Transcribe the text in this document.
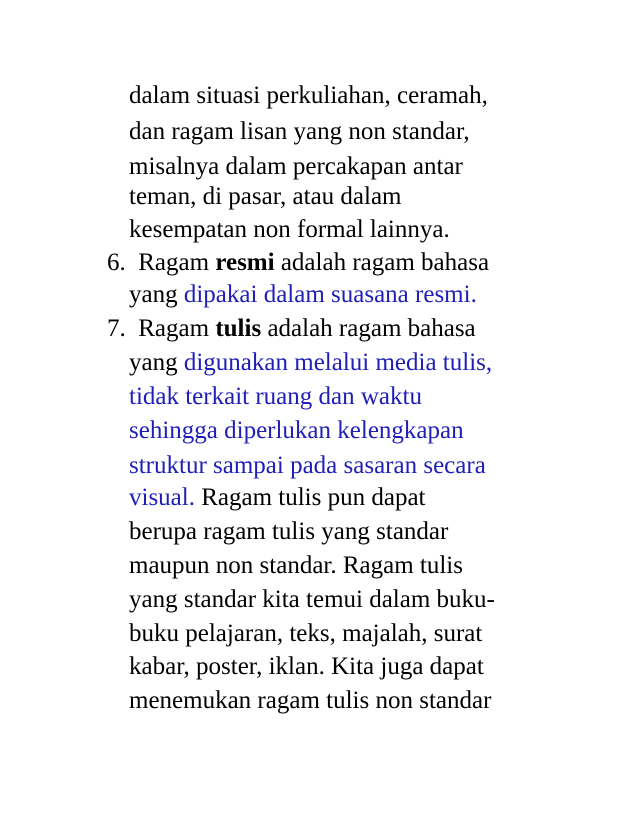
dalam situasi perkuliahan, ceramah,
dan ragam lisan yang non standar,
misalnya dalam percakapan antar
teman, di pasar, atau dalam
kesempatan non formal lainnya.
6. Ragam resmi adalah ragam bahasa
yang dipakai dalam suasana resmi.
7. Ragam tulis adalah ragam bahasa
yang digunakan melalui media tulis,
tidak terkait ruang dan waktu
sehingga diperlukan kelengkapan
struktur sampai pada sasaran secara
visual. Ragam tulis pun dapat
berupa ragam tulis yang standar
maupun non standar. Ragam tulis
yang standar kita temui dalam buku-
buku pelajaran, teks, majalah, surat
kabar, poster, iklan. Kita juga dapat
menemukan ragam tulis non standar
